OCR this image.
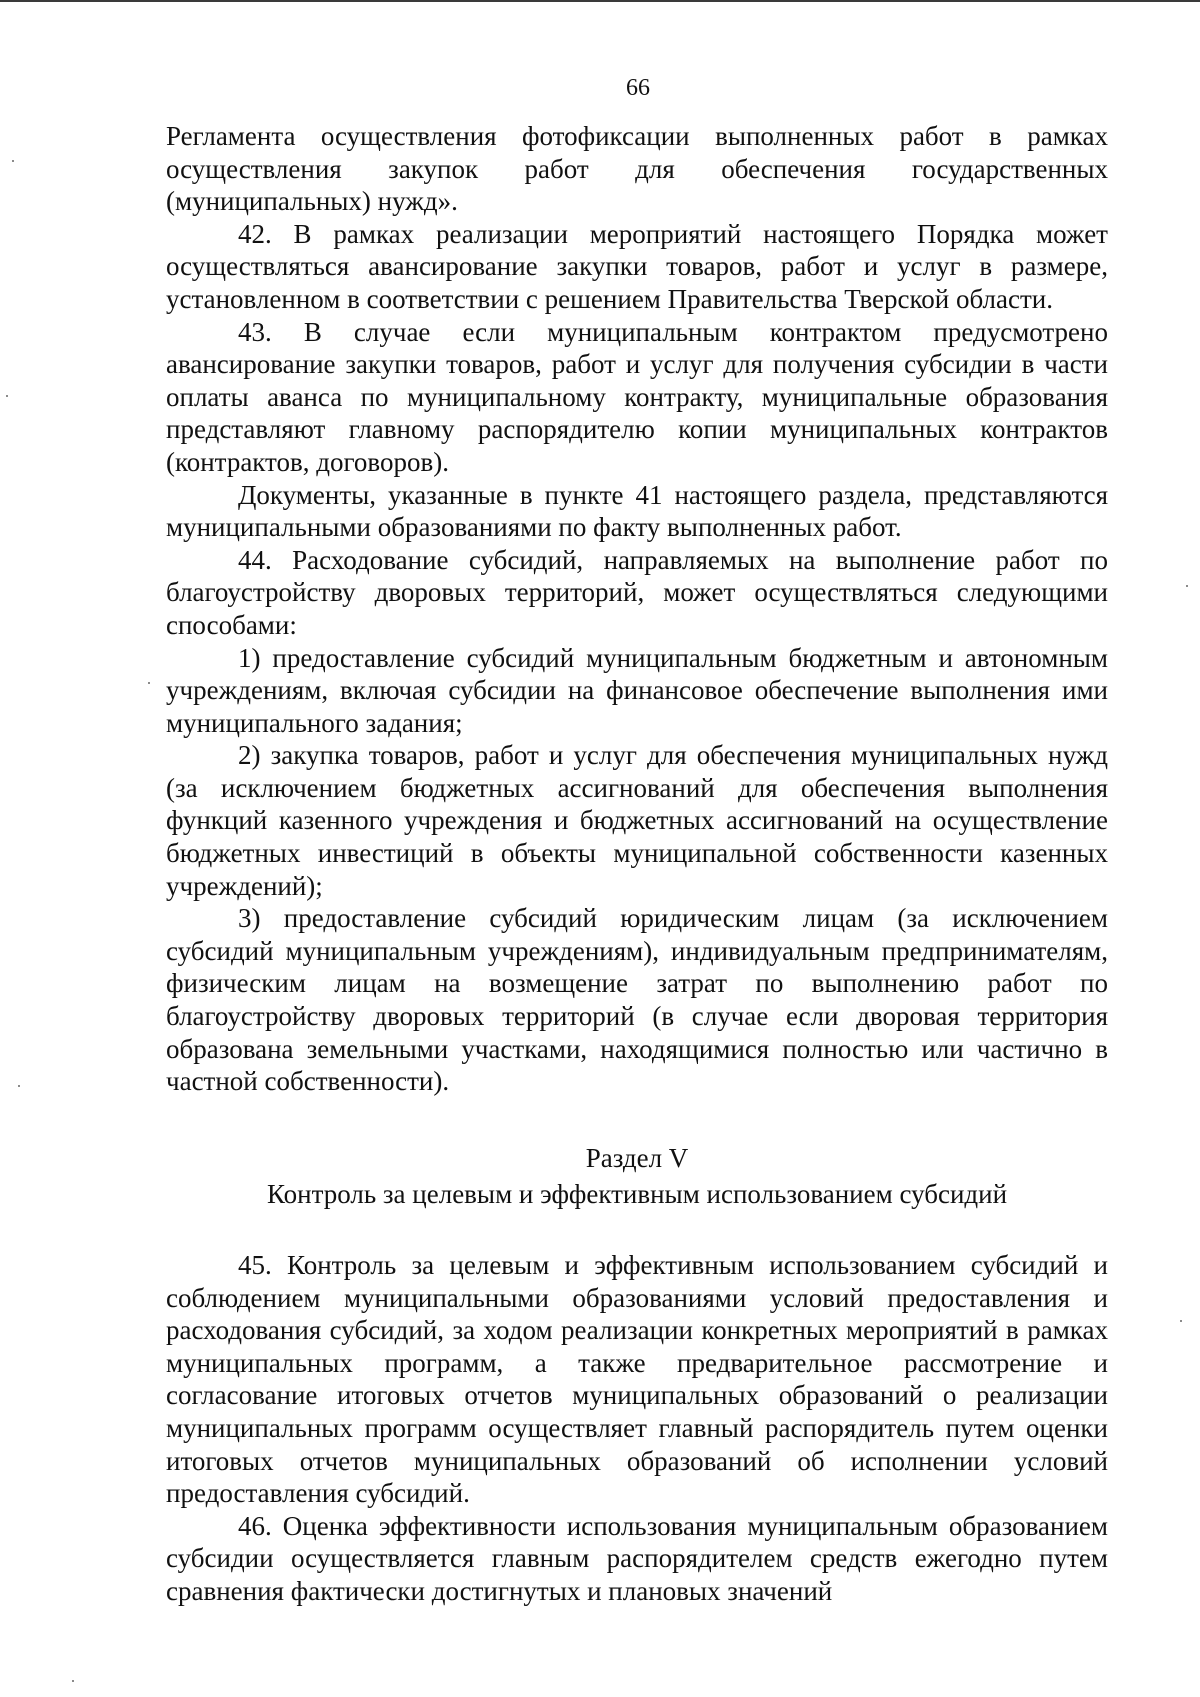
66

Регламента осуществления фотофиксации выполненных работ в рамках осуществления закупок работ для обеспечения государственных (муниципальных) нужд».

42. В рамках реализации мероприятий настоящего Порядка может осуществляться авансирование закупки товаров, работ и услуг в размере, установленном в соответствии с решением Правительства Тверской области.

43. В случае если муниципальным контрактом предусмотрено авансирование закупки товаров, работ и услуг для получения субсидии в части оплаты аванса по муниципальному контракту, муниципальные образования представляют главному распорядителю копии муниципальных контрактов (контрактов, договоров).

Документы, указанные в пункте 41 настоящего раздела, представляются муниципальными образованиями по факту выполненных работ.

44. Расходование субсидий, направляемых на выполнение работ по благоустройству дворовых территорий, может осуществляться следующими способами:

1) предоставление субсидий муниципальным бюджетным и автономным учреждениям, включая субсидии на финансовое обеспечение выполнения ими муниципального задания;

2) закупка товаров, работ и услуг для обеспечения муниципальных нужд (за исключением бюджетных ассигнований для обеспечения выполнения функций казенного учреждения и бюджетных ассигнований на осуществление бюджетных инвестиций в объекты муниципальной собственности казенных учреждений);

3) предоставление субсидий юридическим лицам (за исключением субсидий муниципальным учреждениям), индивидуальным предпринимателям, физическим лицам на возмещение затрат по выполнению работ по благоустройству дворовых территорий (в случае если дворовая территория образована земельными участками, находящимися полностью или частично в частной собственности).

Раздел V

Контроль за целевым и эффективным использованием субсидий

45. Контроль за целевым и эффективным использованием субсидий и соблюдением муниципальными образованиями условий предоставления и расходования субсидий, за ходом реализации конкретных мероприятий в рамках муниципальных программ, а также предварительное рассмотрение и согласование итоговых отчетов муниципальных образований о реализации муниципальных программ осуществляет главный распорядитель путем оценки итоговых отчетов муниципальных образований об исполнении условий предоставления субсидий.

46. Оценка эффективности использования муниципальным образованием субсидии осуществляется главным распорядителем средств ежегодно путем сравнения фактически достигнутых и плановых значений
